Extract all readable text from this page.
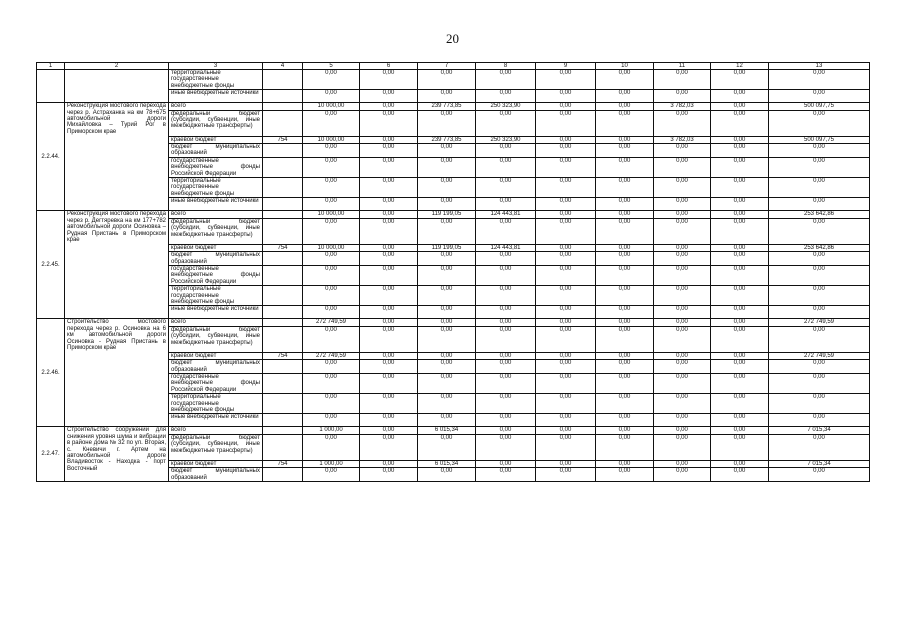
20
1	2	3	4	5	6	7	8	9	10	11	12	13
		территориальные государственные внебюджетные фонды		0,00	0,00	0,00	0,00	0,00	0,00	0,00	0,00	0,00
		иные внебюджетные источники		0,00	0,00	0,00	0,00	0,00	0,00	0,00	0,00	0,00
2.2.44.	Реконструкция мостового перехода через р. Астраханка на км 78+675 автомобильной дороги Михайловка – Турий Рог в Приморском крае	всего		10 000,00	0,00	239 773,85	250 323,90	0,00	0,00	3 782,03	0,00	500 097,75
		федеральный бюджет (субсидии, субвенции, иные межбюджетные трансферты)		0,00	0,00	0,00	0,00	0,00	0,00	0,00	0,00	0,00
		краевой бюджет	754	10 000,00	0,00	239 773,85	250 323,90	0,00	0,00	3 782,03	0,00	500 097,75
		бюджет муниципальных образований		0,00	0,00	0,00	0,00	0,00	0,00	0,00	0,00	0,00
		государственные внебюджетные фонды Российской Федерации		0,00	0,00	0,00	0,00	0,00	0,00	0,00	0,00	0,00
		территориальные государственные внебюджетные фонды		0,00	0,00	0,00	0,00	0,00	0,00	0,00	0,00	0,00
		иные внебюджетные источники		0,00	0,00	0,00	0,00	0,00	0,00	0,00	0,00	0,00
2.2.45.	Реконструкция мостового перехода через р. Дегтяревка на км 177+782 автомобильной дороги Осиновка – Рудная Пристань в Приморском крае	всего		10 000,00	0,00	119 199,05	124 443,81	0,00	0,00	0,00	0,00	253 642,86
		федеральный бюджет (субсидии, субвенции, иные межбюджетные трансферты)		0,00	0,00	0,00	0,00	0,00	0,00	0,00	0,00	0,00
		краевой бюджет	754	10 000,00	0,00	119 199,05	124 443,81	0,00	0,00	0,00	0,00	253 642,86
		бюджет муниципальных образований		0,00	0,00	0,00	0,00	0,00	0,00	0,00	0,00	0,00
		государственные внебюджетные фонды Российской Федерации		0,00	0,00	0,00	0,00	0,00	0,00	0,00	0,00	0,00
		территориальные государственные внебюджетные фонды		0,00	0,00	0,00	0,00	0,00	0,00	0,00	0,00	0,00
		иные внебюджетные источники		0,00	0,00	0,00	0,00	0,00	0,00	0,00	0,00	0,00
2.2.46.	Строительство мостового перехода через р. Осиновка на 6 км автомобильной дороги Осиновка - Рудная Пристань в Приморском крае	всего		272 749,59	0,00	0,00	0,00	0,00	0,00	0,00	0,00	272 749,59
		федеральный бюджет (субсидии, субвенции, иные межбюджетные трансферты)		0,00	0,00	0,00	0,00	0,00	0,00	0,00	0,00	0,00
		краевой бюджет	754	272 749,59	0,00	0,00	0,00	0,00	0,00	0,00	0,00	272 749,59
		бюджет муниципальных образований		0,00	0,00	0,00	0,00	0,00	0,00	0,00	0,00	0,00
		государственные внебюджетные фонды Российской Федерации		0,00	0,00	0,00	0,00	0,00	0,00	0,00	0,00	0,00
		территориальные государственные внебюджетные фонды		0,00	0,00	0,00	0,00	0,00	0,00	0,00	0,00	0,00
		иные внебюджетные источники		0,00	0,00	0,00	0,00	0,00	0,00	0,00	0,00	0,00
2.2.47.	Строительство сооружений для снижения уровня шума и вибрации в районе дома № 32 по ул. Вторая, с. Кневичи г. Артем на автомобильной дороге Владивосток - Находка - порт Восточный	всего		1 000,00	0,00	6 015,34	0,00	0,00	0,00	0,00	0,00	7 015,34
		федеральный бюджет (субсидии, субвенции, иные межбюджетные трансферты)		0,00	0,00	0,00	0,00	0,00	0,00	0,00	0,00	0,00
		краевой бюджет	754	1 000,00	0,00	6 015,34	0,00	0,00	0,00	0,00	0,00	7 015,34
		бюджет муниципальных образований		0,00	0,00	0,00	0,00	0,00	0,00	0,00	0,00	0,00
